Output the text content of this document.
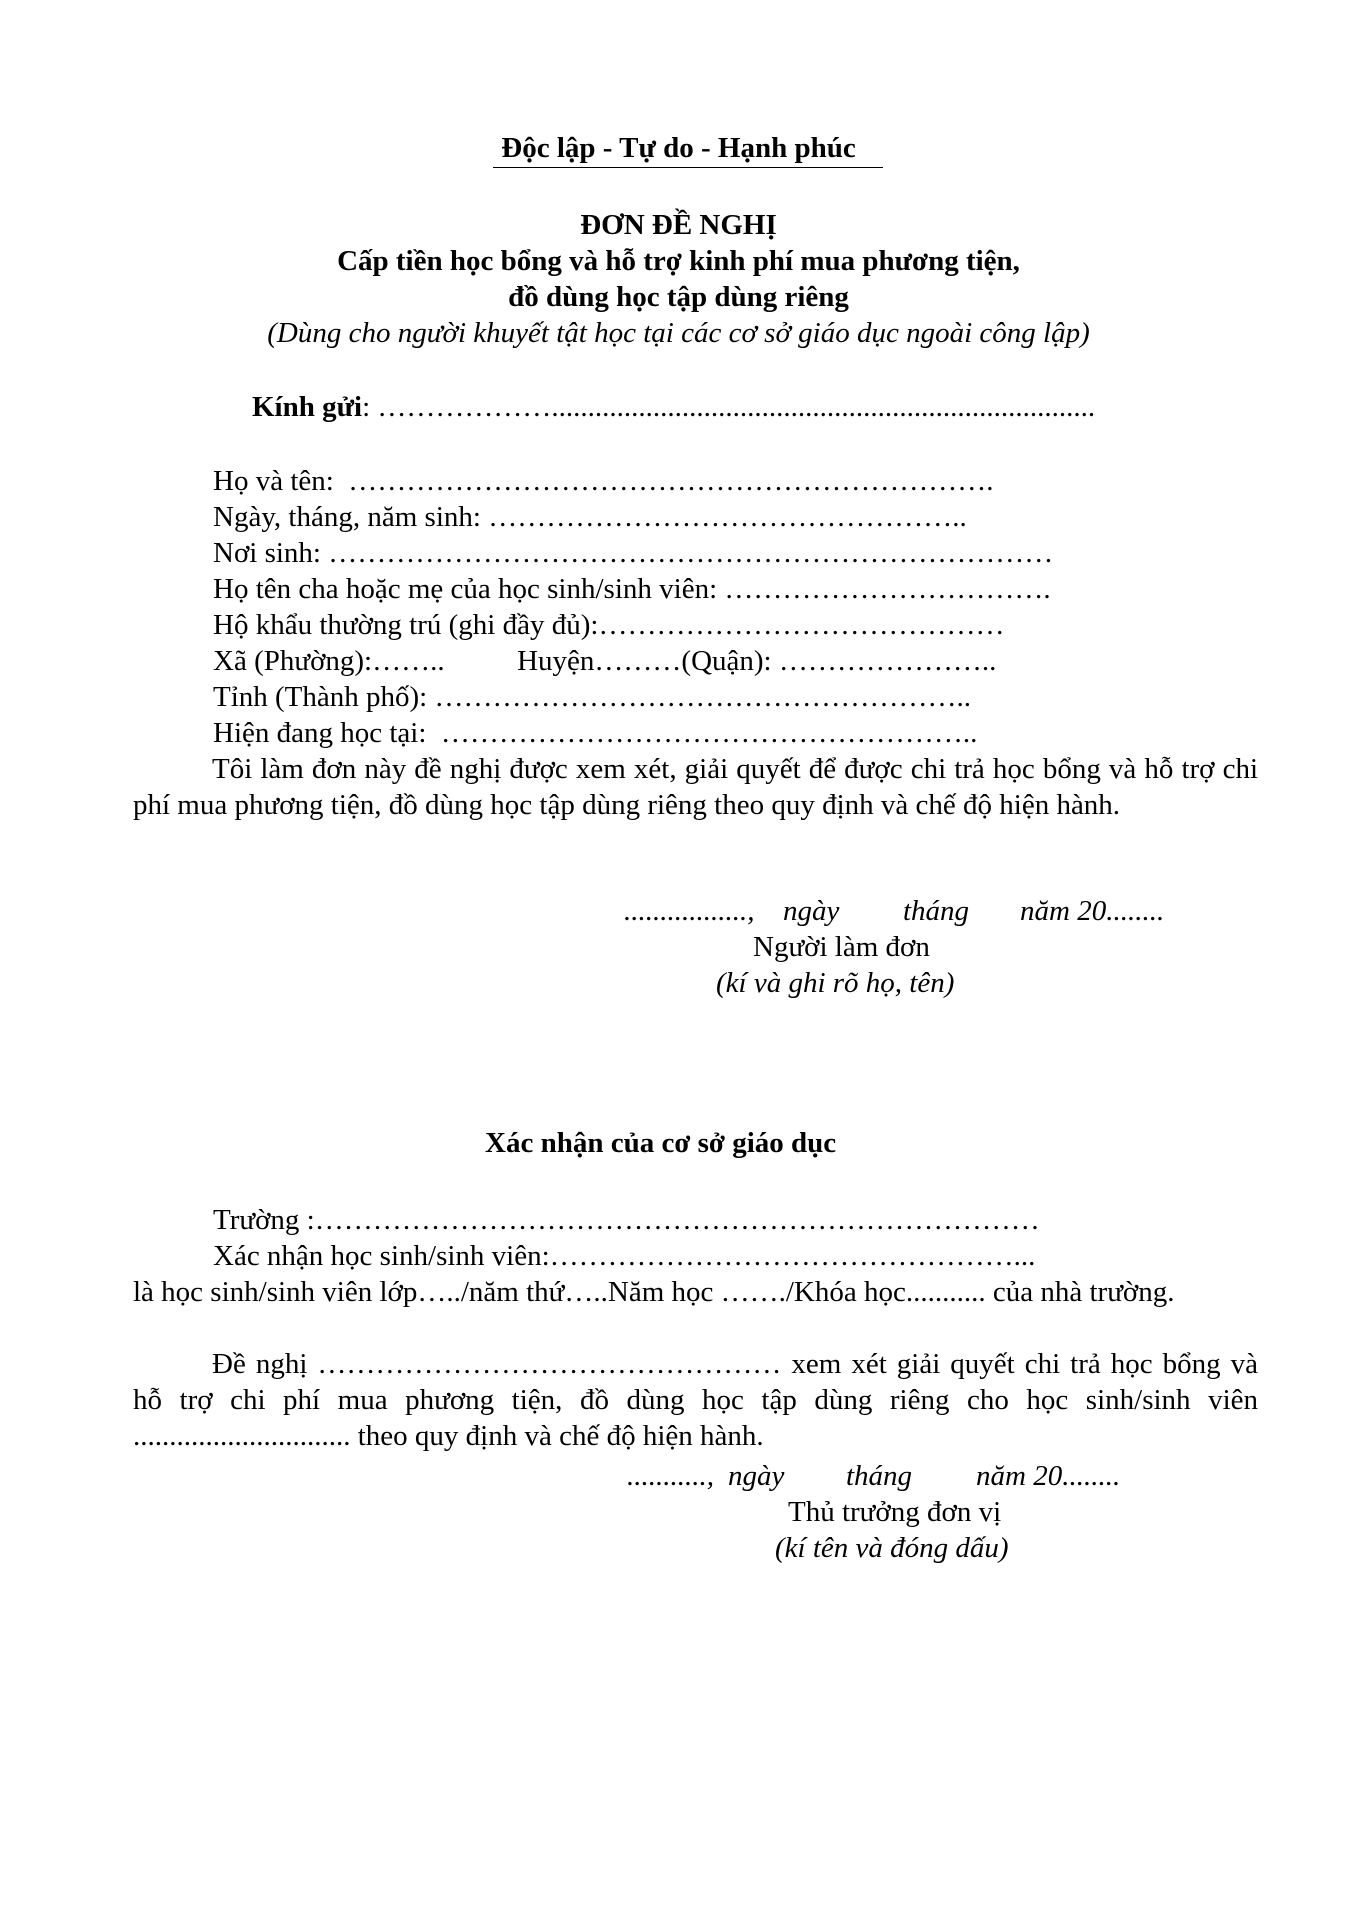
Độc lập - Tự do - Hạnh phúc
ĐƠN ĐỀ NGHỊ
Cấp tiền học bổng và hỗ trợ kinh phí mua phương tiện,
đồ dùng học tập dùng riêng
(Dùng cho người khuyết tật học tại các cơ sở giáo dục ngoài công lập)
Kính gửi: ………………...........................................................................
Họ và tên:  ………………………………………………………….
Ngày, tháng, năm sinh: …………………………………………..
Nơi sinh: …………………………………………………………………
Họ tên cha hoặc mẹ của học sinh/sinh viên: …………………………….
Hộ khẩu thường trú (ghi đầy đủ):……………………………………
Xã (Phường):……..          Huyện………(Quận): …………………..
Tỉnh (Thành phố): ………………………………………………..
Hiện đang học tại:  ………………………………………………..
Tôi làm đơn này đề nghị được xem xét, giải quyết để được chi trả học bổng và hỗ trợ chi phí mua phương tiện, đồ dùng học tập dùng riêng theo quy định và chế độ hiện hành.
................., ngày tháng năm 20........
Người làm đơn
(kí và ghi rõ họ, tên)
Xác nhận của cơ sở giáo dục
Trường :…………………………………………………………………
Xác nhận học sinh/sinh viên:…………………………………………...
là học sinh/sinh viên lớp…../năm thứ…..Năm học ……./Khóa học........... của nhà trường.
Đề nghị ………………………………………… xem xét giải quyết chi trả học bổng và hỗ trợ chi phí mua phương tiện, đồ dùng học tập dùng riêng cho học sinh/sinh viên .............................. theo quy định và chế độ hiện hành.
..........., ngày tháng năm 20........
Thủ trưởng đơn vị
(kí tên và đóng dấu)
